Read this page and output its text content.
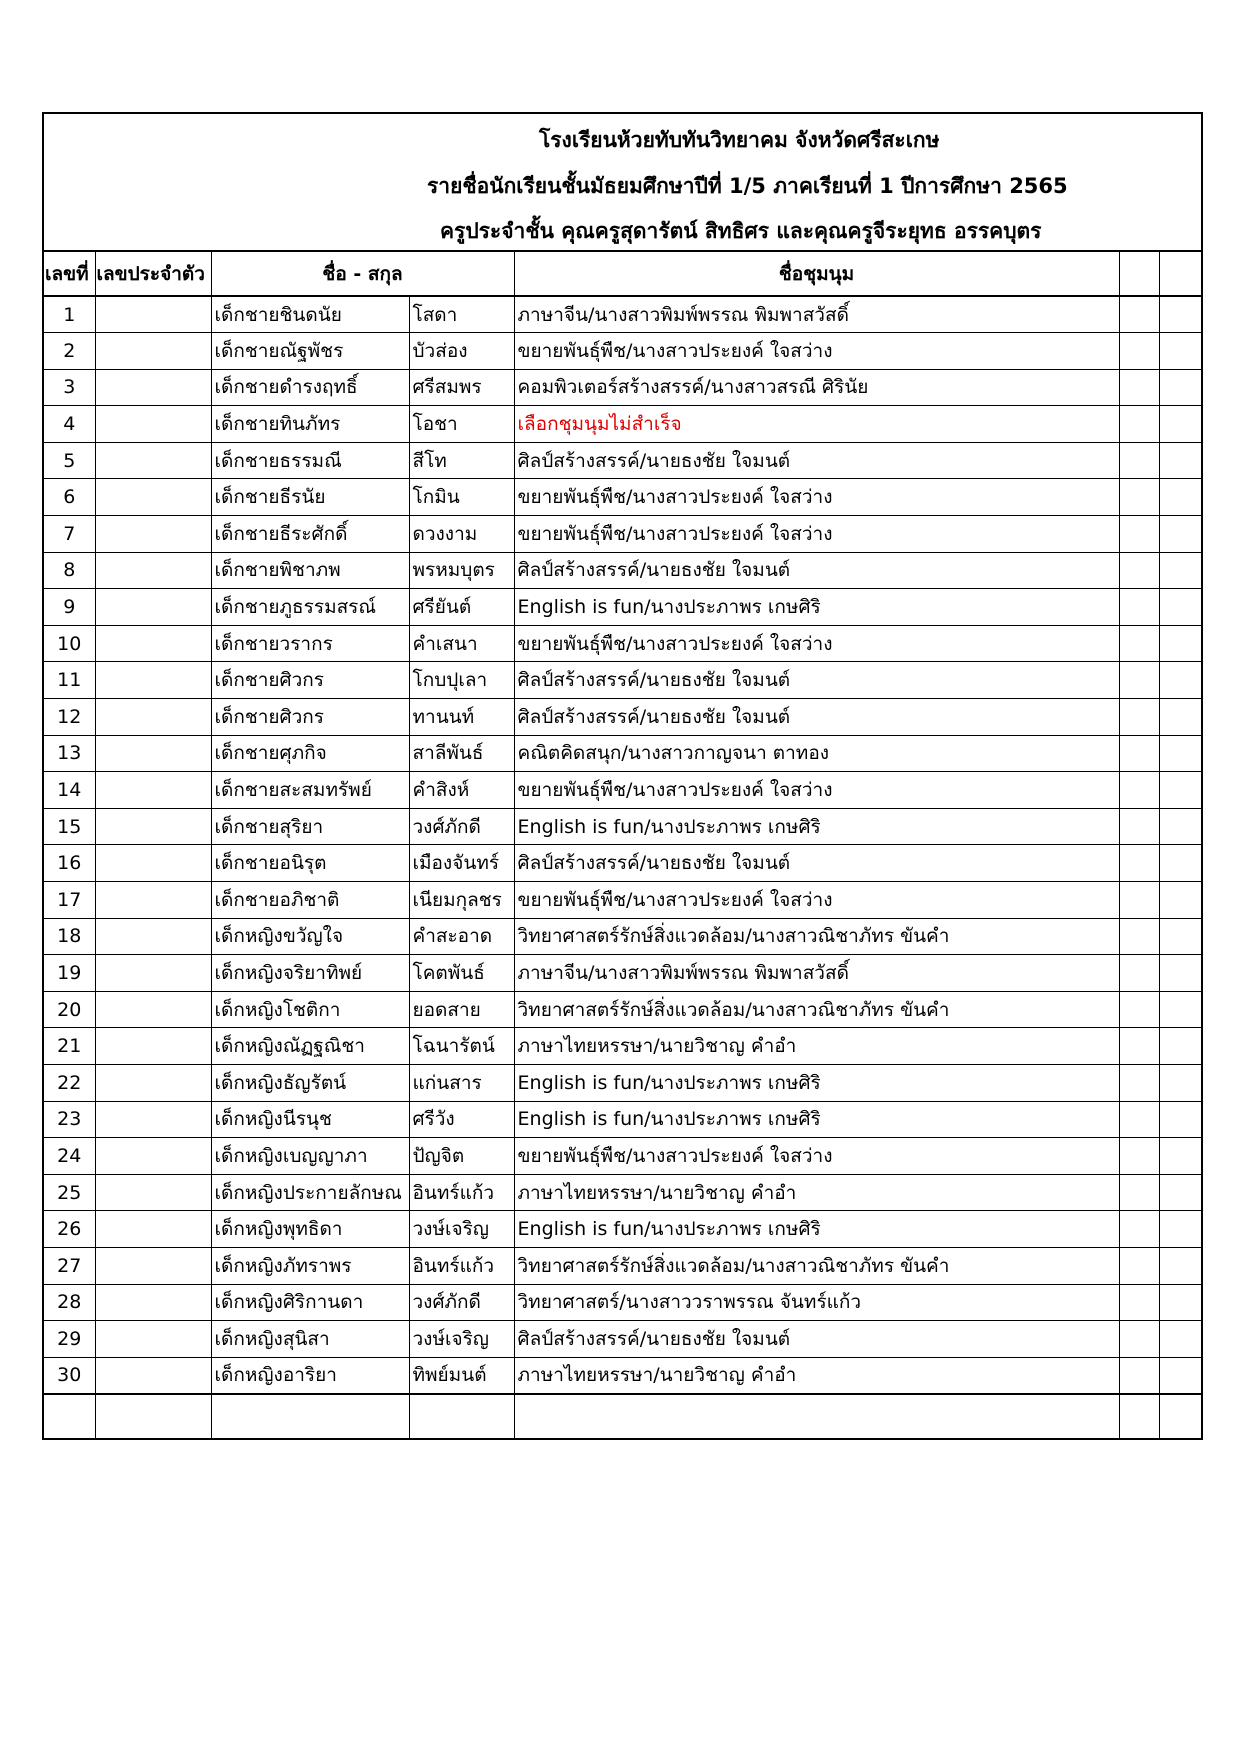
โรงเรียนห้วยทับทันวิทยาคม จังหวัดศรีสะเกษ
รายชื่อนักเรียนชั้นมัธยมศึกษาปีที่ 1/5 ภาคเรียนที่ 1 ปีการศึกษา 2565
ครูประจำชั้น คุณครูสุดารัตน์ สิทธิศร และคุณครูจีระยุทธ อรรคบุตร
เลขที่	เลขประจำตัว	ชื่อ - สกุล		ชื่อชุมนุม		
1		เด็กชายชินดนัย	โสดา	ภาษาจีน/นางสาวพิมพ์พรรณ พิมพาสวัสดิ์		
2		เด็กชายณัฐพัชร	บัวส่อง	ขยายพันธุ์พืช/นางสาวประยงค์ ใจสว่าง		
3		เด็กชายดำรงฤทธิ์	ศรีสมพร	คอมพิวเตอร์สร้างสรรค์/นางสาวสรณี ศิรินัย		
4		เด็กชายทินภัทร	โอชา	เลือกชุมนุมไม่สำเร็จ		
5		เด็กชายธรรมณี	สีโท	ศิลป์สร้างสรรค์/นายธงชัย ใจมนต์		
6		เด็กชายธีรนัย	โกมิน	ขยายพันธุ์พืช/นางสาวประยงค์ ใจสว่าง		
7		เด็กชายธีระศักดิ์	ดวงงาม	ขยายพันธุ์พืช/นางสาวประยงค์ ใจสว่าง		
8		เด็กชายพิชาภพ	พรหมบุตร	ศิลป์สร้างสรรค์/นายธงชัย ใจมนต์		
9		เด็กชายภูธรรมสรณ์	ศรียันต์	English is fun/นางประภาพร เกษศิริ		
10		เด็กชายวรากร	คำเสนา	ขยายพันธุ์พืช/นางสาวประยงค์ ใจสว่าง		
11		เด็กชายศิวกร	โกบปุเลา	ศิลป์สร้างสรรค์/นายธงชัย ใจมนต์		
12		เด็กชายศิวกร	ทานนท์	ศิลป์สร้างสรรค์/นายธงชัย ใจมนต์		
13		เด็กชายศุภกิจ	สาลีพันธ์	คณิตคิดสนุก/นางสาวกาญจนา ตาทอง		
14		เด็กชายสะสมทรัพย์	คำสิงห์	ขยายพันธุ์พืช/นางสาวประยงค์ ใจสว่าง		
15		เด็กชายสุริยา	วงศ์ภักดี	English is fun/นางประภาพร เกษศิริ		
16		เด็กชายอนิรุต	เมืองจันทร์	ศิลป์สร้างสรรค์/นายธงชัย ใจมนต์		
17		เด็กชายอภิชาติ	เนียมกุลชร	ขยายพันธุ์พืช/นางสาวประยงค์ ใจสว่าง		
18		เด็กหญิงขวัญใจ	คำสะอาด	วิทยาศาสตร์รักษ์สิ่งแวดล้อม/นางสาวณิชาภัทร ขันคำ		
19		เด็กหญิงจริยาทิพย์	โคตพันธ์	ภาษาจีน/นางสาวพิมพ์พรรณ พิมพาสวัสดิ์		
20		เด็กหญิงโชติกา	ยอดสาย	วิทยาศาสตร์รักษ์สิ่งแวดล้อม/นางสาวณิชาภัทร ขันคำ		
21		เด็กหญิงณัฏฐณิชา	โฉนารัตน์	ภาษาไทยหรรษา/นายวิชาญ คำอำ		
22		เด็กหญิงธัญรัตน์	แก่นสาร	English is fun/นางประภาพร เกษศิริ		
23		เด็กหญิงนีรนุช	ศรีวัง	English is fun/นางประภาพร เกษศิริ		
24		เด็กหญิงเบญญาภา	ปัญจิต	ขยายพันธุ์พืช/นางสาวประยงค์ ใจสว่าง		
25		เด็กหญิงประกายลักษณ	อินทร์แก้ว	ภาษาไทยหรรษา/นายวิชาญ คำอำ		
26		เด็กหญิงพุทธิดา	วงษ์เจริญ	English is fun/นางประภาพร เกษศิริ		
27		เด็กหญิงภัทราพร	อินทร์แก้ว	วิทยาศาสตร์รักษ์สิ่งแวดล้อม/นางสาวณิชาภัทร ขันคำ		
28		เด็กหญิงศิริกานดา	วงศ์ภักดี	วิทยาศาสตร์/นางสาววราพรรณ จันทร์แก้ว		
29		เด็กหญิงสุนิสา	วงษ์เจริญ	ศิลป์สร้างสรรค์/นายธงชัย ใจมนต์		
30		เด็กหญิงอาริยา	ทิพย์มนต์	ภาษาไทยหรรษา/นายวิชาญ คำอำ		
